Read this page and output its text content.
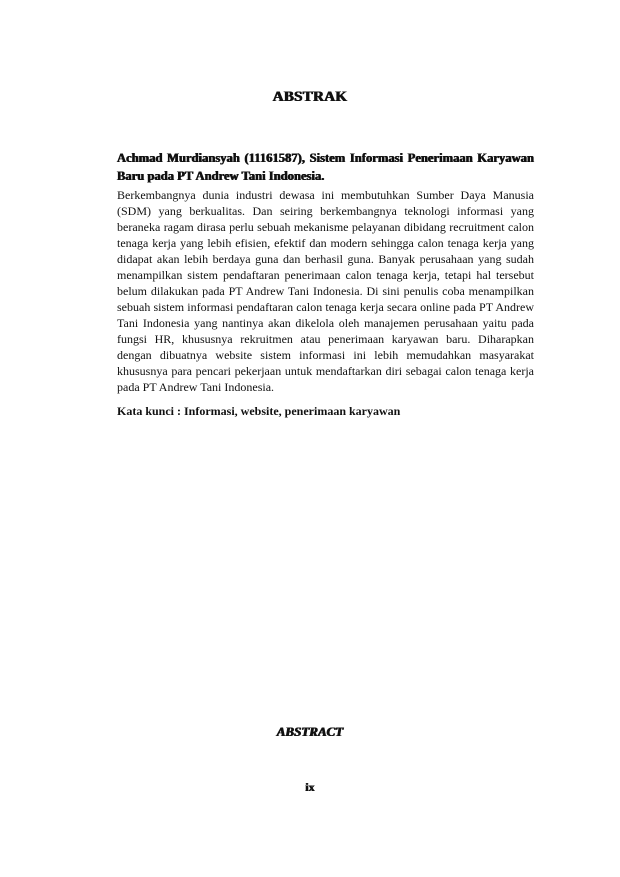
ABSTRAK
Achmad Murdiansyah (11161587), Sistem Informasi Penerimaan Karyawan Baru pada PT Andrew Tani Indonesia.
Berkembangnya dunia industri dewasa ini membutuhkan Sumber Daya Manusia (SDM) yang berkualitas. Dan seiring berkembangnya teknologi informasi yang beraneka ragam dirasa perlu sebuah mekanisme pelayanan dibidang recruitment calon tenaga kerja yang lebih efisien, efektif dan modern sehingga calon tenaga kerja yang didapat akan lebih berdaya guna dan berhasil guna. Banyak perusahaan yang sudah menampilkan sistem pendaftaran penerimaan calon tenaga kerja, tetapi hal tersebut belum dilakukan pada PT Andrew Tani Indonesia. Di sini penulis coba menampilkan sebuah sistem informasi pendaftaran calon tenaga kerja secara online pada PT Andrew Tani Indonesia yang nantinya akan dikelola oleh manajemen perusahaan yaitu pada fungsi HR, khususnya rekruitmen atau penerimaan karyawan baru. Diharapkan dengan dibuatnya website sistem informasi ini lebih memudahkan masyarakat khususnya para pencari pekerjaan untuk mendaftarkan diri sebagai calon tenaga kerja pada PT Andrew Tani Indonesia.
Kata kunci : Informasi, website, penerimaan karyawan
ABSTRACT
ix
